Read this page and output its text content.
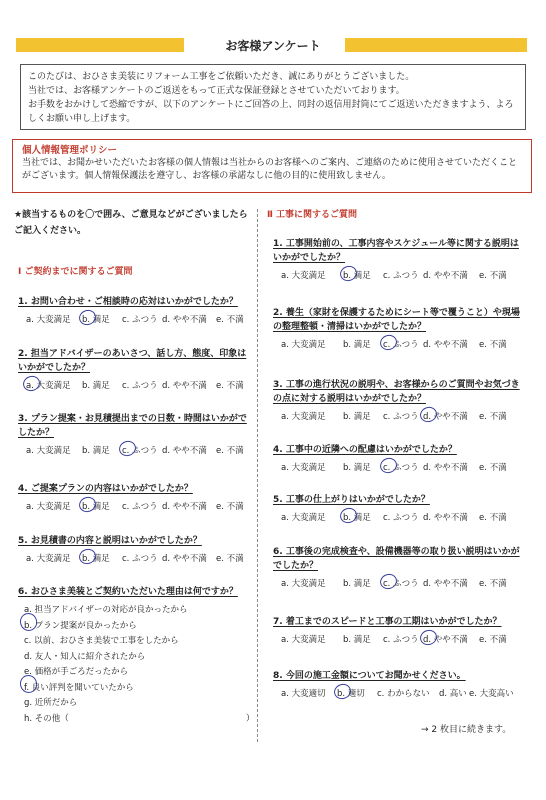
お客様アンケート
このたびは、おひさま美装にリフォーム工事をご依頼いただき、誠にありがとうございました。
当社では、お客様アンケートのご返送をもって正式な保証登録とさせていただいております。
お手数をおかけして恐縮ですが、以下のアンケートにご回答の上、同封の返信用封筒にてご返送いただきますよう、よろしくお願い申し上げます。
個人情報管理ポリシー
当社では、お聞かせいただいたお客様の個人情報は当社からのお客様へのご案内、ご連絡のために使用させていただくことがございます。個人情報保護法を遵守し、お客様の承諾なしに他の目的に使用致しません。
★該当するものを〇で囲み、ご意見などがございましたらご記入ください。
Ⅰ ご契約までに関するご質問
1. お問い合わせ・ご相談時の応対はいかがでしたか？
a. 大変満足 b. 満足 c. ふつう d. やや不満 e. 不満
2. 担当アドバイザーのあいさつ、話し方、態度、印象はいかがでしたか？
a. 大変満足 b. 満足 c. ふつう d. やや不満 e. 不満
3. プラン提案・お見積提出までの日数・時間はいかがでしたか？
a. 大変満足 b. 満足 c. ふつう d. やや不満 e. 不満
4. ご提案プランの内容はいかがでしたか？
a. 大変満足 b. 満足 c. ふつう d. やや不満 e. 不満
5. お見積書の内容と説明はいかがでしたか？
a. 大変満足 b. 満足 c. ふつう d. やや不満 e. 不満
6. おひさま美装とご契約いただいた理由は何ですか？
a. 担当アドバイザーの対応が良かったから
b. プラン提案が良かったから
c. 以前、おひさま美装で工事をしたから
d. 友人・知人に紹介されたから
e. 価格が手ごろだったから
f. 良い評判を聞いていたから
g. 近所だから
h. その他（	）
Ⅱ 工事に関するご質問
1. 工事開始前の、工事内容やスケジュール等に関する説明はいかがでしたか？
a. 大変満足 b. 満足 c. ふつう d. やや不満 e. 不満
2. 養生（家財を保護するためにシート等で覆うこと）や現場の整理整頓・清掃はいかがでしたか？
a. 大変満足 b. 満足 c. ふつう d. やや不満 e. 不満
3. 工事の進行状況の説明や、お客様からのご質問やお気づきの点に対する説明はいかがでしたか？
a. 大変満足 b. 満足 c. ふつう d. やや不満 e. 不満
4. 工事中の近隣への配慮はいかがでしたか？
a. 大変満足 b. 満足 c. ふつう d. やや不満 e. 不満
5. 工事の仕上がりはいかがでしたか？
a. 大変満足 b. 満足 c. ふつう d. やや不満 e. 不満
6. 工事後の完成検査や、設備機器等の取り扱い説明はいかがでしたか？
a. 大変満足 b. 満足 c. ふつう d. やや不満 e. 不満
7. 着工までのスピードと工事の工期はいかがでしたか？
a. 大変満足 b. 満足 c. ふつう d. やや不満 e. 不満
8. 今回の施工金額についてお聞かせください。
a. 大変適切 b. 適切 c. わからない d. 高い e. 大変高い
→ 2 枚目に続きます。
